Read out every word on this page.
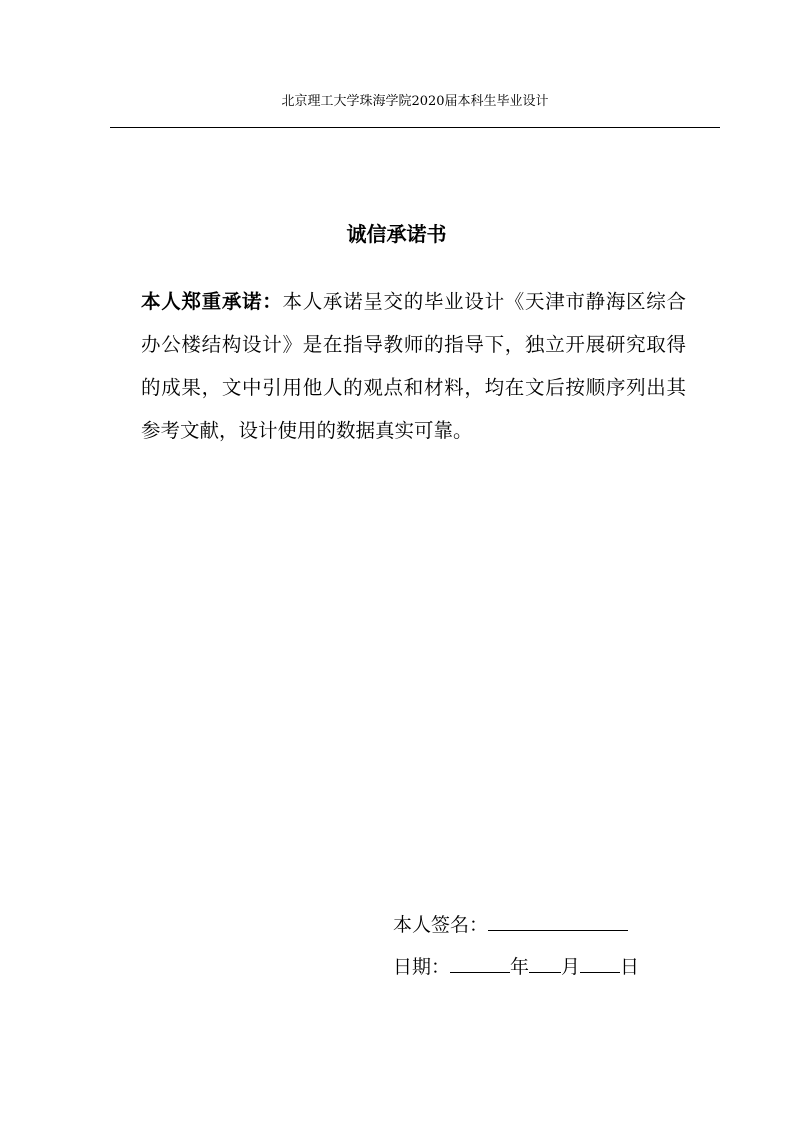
北京理工大学珠海学院2020届本科生毕业设计
诚信承诺书

本人郑重承诺：本人承诺呈交的毕业设计《天津市静海区综合办公楼结构设计》是在指导教师的指导下，独立开展研究取得的成果，文中引用他人的观点和材料，均在文后按顺序列出其参考文献，设计使用的数据真实可靠。

本人签名：
日期：	年 月 日
